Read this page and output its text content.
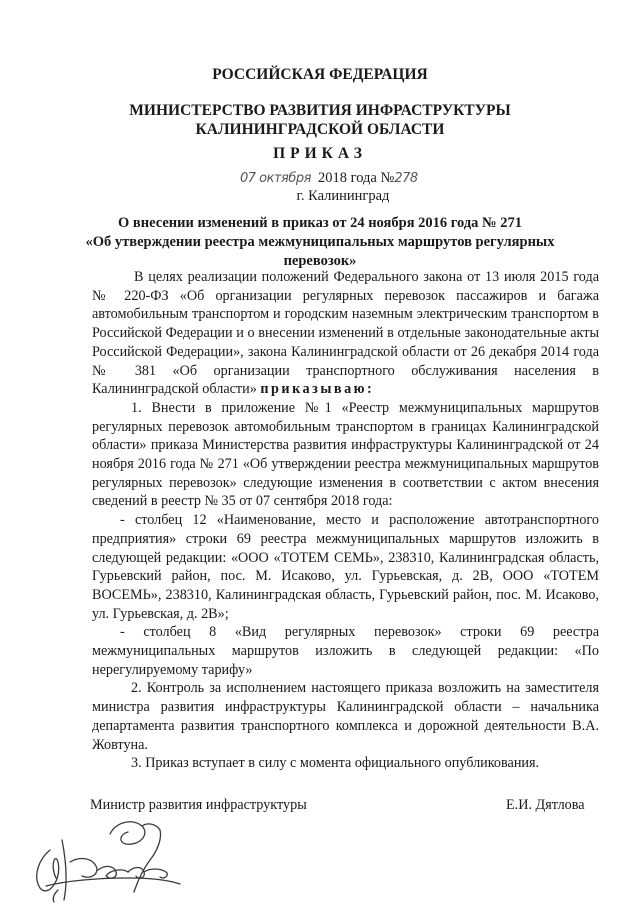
РОССИЙСКАЯ ФЕДЕРАЦИЯ
МИНИСТЕРСТВО РАЗВИТИЯ ИНФРАСТРУКТУРЫ
КАЛИНИНГРАДСКОЙ ОБЛАСТИ
ПРИКАЗ
07 октября 2018 года №278
г. Калининград
О внесении изменений в приказ от 24 ноября 2016 года № 271
«Об утверждении реестра межмуниципальных маршрутов регулярных
перевозок»

В целях реализации положений Федерального закона от 13 июля 2015 года № 220-ФЗ «Об организации регулярных перевозок пассажиров и багажа автомобильным транспортом и городским наземным электрическим транспортом в Российской Федерации и о внесении изменений в отдельные законодательные акты Российской Федерации», закона Калининградской области от 26 декабря 2014 года № 381 «Об организации транспортного обслуживания населения в Калининградской области» приказываю:

1. Внести в приложение №1 «Реестр межмуниципальных маршрутов регулярных перевозок автомобильным транспортом в границах Калининградской области» приказа Министерства развития инфраструктуры Калининградской от 24 ноября 2016 года № 271 «Об утверждении реестра межмуниципальных маршрутов регулярных перевозок» следующие изменения в соответствии с актом внесения сведений в реестр № 35 от 07 сентября 2018 года:

- столбец 12 «Наименование, место и расположение автотранспортного предприятия» строки 69 реестра межмуниципальных маршрутов изложить в следующей редакции: «ООО «ТОТЕМ СЕМЬ», 238310, Калининградская область, Гурьевский район, пос. М. Исаково, ул. Гурьевская, д. 2В, ООО «ТОТЕМ ВОСЕМЬ», 238310, Калининградская область, Гурьевский район, пос. М. Исаково, ул. Гурьевская, д. 2В»;

- столбец 8 «Вид регулярных перевозок» строки 69 реестра межмуниципальных маршрутов изложить в следующей редакции: «По нерегулируемому тарифу»

2. Контроль за исполнением настоящего приказа возложить на заместителя министра развития инфраструктуры Калининградской области – начальника департамента развития транспортного комплекса и дорожной деятельности В.А. Жовтуна.

3. Приказ вступает в силу с момента официального опубликования.

Министр развития инфраструктуры	Е.И. Дятлова
